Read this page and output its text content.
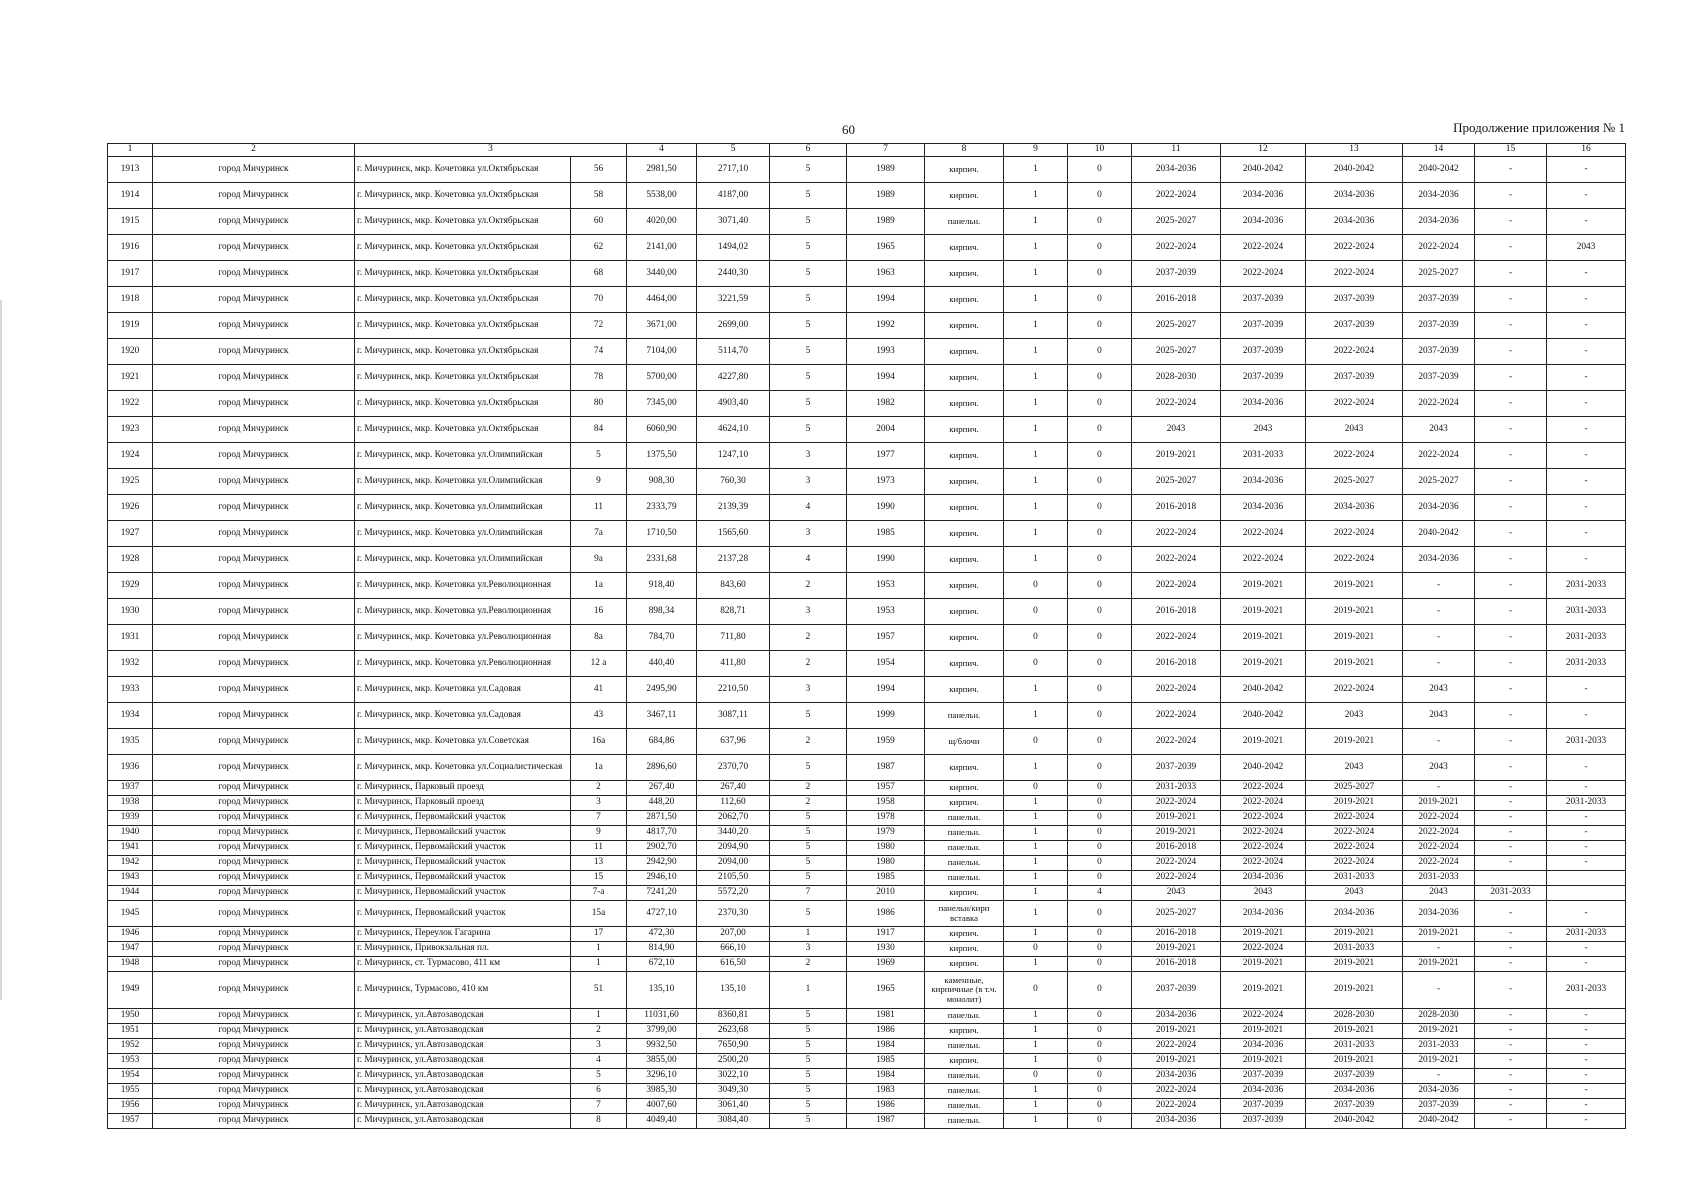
60	Продолжение приложения № 1
1	2	3		4	5	6	7	8	9	10	11	12	13	14	15	16
1913	город Мичуринск	г. Мичуринск, мкр. Кочетовка ул.Октябрьская	56	2981,50	2717,10	5	1989	кирпич.	1	0	2034-2036	2040-2042	2040-2042	2040-2042	-	-
1914	город Мичуринск	г. Мичуринск, мкр. Кочетовка ул.Октябрьская	58	5538,00	4187,00	5	1989	кирпич.	1	0	2022-2024	2034-2036	2034-2036	2034-2036	-	-
1915	город Мичуринск	г. Мичуринск, мкр. Кочетовка ул.Октябрьская	60	4020,00	3071,40	5	1989	панельн.	1	0	2025-2027	2034-2036	2034-2036	2034-2036	-	-
1916	город Мичуринск	г. Мичуринск, мкр. Кочетовка ул.Октябрьская	62	2141,00	1494,02	5	1965	кирпич.	1	0	2022-2024	2022-2024	2022-2024	2022-2024	-	2043
1917	город Мичуринск	г. Мичуринск, мкр. Кочетовка ул.Октябрьская	68	3440,00	2440,30	5	1963	кирпич.	1	0	2037-2039	2022-2024	2022-2024	2025-2027	-	-
1918	город Мичуринск	г. Мичуринск, мкр. Кочетовка ул.Октябрьская	70	4464,00	3221,59	5	1994	кирпич.	1	0	2016-2018	2037-2039	2037-2039	2037-2039	-	-
1919	город Мичуринск	г. Мичуринск, мкр. Кочетовка ул.Октябрьская	72	3671,00	2699,00	5	1992	кирпич.	1	0	2025-2027	2037-2039	2037-2039	2037-2039	-	-
1920	город Мичуринск	г. Мичуринск, мкр. Кочетовка ул.Октябрьская	74	7104,00	5114,70	5	1993	кирпич.	1	0	2025-2027	2037-2039	2022-2024	2037-2039	-	-
1921	город Мичуринск	г. Мичуринск, мкр. Кочетовка ул.Октябрьская	78	5700,00	4227,80	5	1994	кирпич.	1	0	2028-2030	2037-2039	2037-2039	2037-2039	-	-
1922	город Мичуринск	г. Мичуринск, мкр. Кочетовка ул.Октябрьская	80	7345,00	4903,40	5	1982	кирпич.	1	0	2022-2024	2034-2036	2022-2024	2022-2024	-	-
1923	город Мичуринск	г. Мичуринск, мкр. Кочетовка ул.Октябрьская	84	6060,90	4624,10	5	2004	кирпич.	1	0	2043	2043	2043	2043	-	-
1924	город Мичуринск	г. Мичуринск, мкр. Кочетовка ул.Олимпийская	5	1375,50	1247,10	3	1977	кирпич.	1	0	2019-2021	2031-2033	2022-2024	2022-2024	-	-
1925	город Мичуринск	г. Мичуринск, мкр. Кочетовка ул.Олимпийская	9	908,30	760,30	3	1973	кирпич.	1	0	2025-2027	2034-2036	2025-2027	2025-2027	-	-
1926	город Мичуринск	г. Мичуринск, мкр. Кочетовка ул.Олимпийская	11	2333,79	2139,39	4	1990	кирпич.	1	0	2016-2018	2034-2036	2034-2036	2034-2036	-	-
1927	город Мичуринск	г. Мичуринск, мкр. Кочетовка ул.Олимпийская	7а	1710,50	1565,60	3	1985	кирпич.	1	0	2022-2024	2022-2024	2022-2024	2040-2042	-	-
1928	город Мичуринск	г. Мичуринск, мкр. Кочетовка ул.Олимпийская	9а	2331,68	2137,28	4	1990	кирпич.	1	0	2022-2024	2022-2024	2022-2024	2034-2036	-	-
1929	город Мичуринск	г. Мичуринск, мкр. Кочетовка ул.Революционная	1а	918,40	843,60	2	1953	кирпич.	0	0	2022-2024	2019-2021	2019-2021	-	-	2031-2033
1930	город Мичуринск	г. Мичуринск, мкр. Кочетовка ул.Революционная	16	898,34	828,71	3	1953	кирпич.	0	0	2016-2018	2019-2021	2019-2021	-	-	2031-2033
1931	город Мичуринск	г. Мичуринск, мкр. Кочетовка ул.Революционная	8а	784,70	711,80	2	1957	кирпич.	0	0	2022-2024	2019-2021	2019-2021	-	-	2031-2033
1932	город Мичуринск	г. Мичуринск, мкр. Кочетовка ул.Революционная	12 а	440,40	411,80	2	1954	кирпич.	0	0	2016-2018	2019-2021	2019-2021	-	-	2031-2033
1933	город Мичуринск	г. Мичуринск, мкр. Кочетовка ул.Садовая	41	2495,90	2210,50	3	1994	кирпич.	1	0	2022-2024	2040-2042	2022-2024	2043	-	-
1934	город Мичуринск	г. Мичуринск, мкр. Кочетовка ул.Садовая	43	3467,11	3087,11	5	1999	панельн.	1	0	2022-2024	2040-2042	2043	2043	-	-
1935	город Мичуринск	г. Мичуринск, мкр. Кочетовка ул.Советская	16а	684,86	637,96	2	1959	щ/блочн	0	0	2022-2024	2019-2021	2019-2021	-	-	2031-2033
1936	город Мичуринск	г. Мичуринск, мкр. Кочетовка ул.Социалистическая	1а	2896,60	2370,70	5	1987	кирпич.	1	0	2037-2039	2040-2042	2043	2043	-	-
1937	город Мичуринск	г. Мичуринск, Парковый проезд	2	267,40	267,40	2	1957	кирпич.	0	0	2031-2033	2022-2024	2025-2027	-	-	-
1938	город Мичуринск	г. Мичуринск, Парковый проезд	3	448,20	112,60	2	1958	кирпич.	1	0	2022-2024	2022-2024	2019-2021	2019-2021	-	2031-2033
1939	город Мичуринск	г. Мичуринск, Первомайский участок	7	2871,50	2062,70	5	1978	панельн.	1	0	2019-2021	2022-2024	2022-2024	2022-2024	-	-
1940	город Мичуринск	г. Мичуринск, Первомайский участок	9	4817,70	3440,20	5	1979	панельн.	1	0	2019-2021	2022-2024	2022-2024	2022-2024	-	-
1941	город Мичуринск	г. Мичуринск, Первомайский участок	11	2902,70	2094,90	5	1980	панельн.	1	0	2016-2018	2022-2024	2022-2024	2022-2024	-	-
1942	город Мичуринск	г. Мичуринск, Первомайский участок	13	2942,90	2094,00	5	1980	панельн.	1	0	2022-2024	2022-2024	2022-2024	2022-2024	-	-
1943	город Мичуринск	г. Мичуринск, Первомайский участок	15	2946,10	2105,50	5	1985	панельн.	1	0	2022-2024	2034-2036	2031-2033	2031-2033		
1944	город Мичуринск	г. Мичуринск, Первомайский участок	7-а	7241,20	5572,20	7	2010	кирпич.	1	4	2043	2043	2043	2043	2031-2033	
1945	город Мичуринск	г. Мичуринск, Первомайский участок	15а	4727,10	2370,30	5	1986	панельн/кирп вставка	1	0	2025-2027	2034-2036	2034-2036	2034-2036	-	-
1946	город Мичуринск	г. Мичуринск, Переулок Гагарина	17	472,30	207,00	1	1917	кирпич.	1	0	2016-2018	2019-2021	2019-2021	2019-2021	-	2031-2033
1947	город Мичуринск	г. Мичуринск, Привокзальная пл.	1	814,90	666,10	3	1930	кирпич.	0	0	2019-2021	2022-2024	2031-2033	-	-	-
1948	город Мичуринск	г. Мичуринск, ст. Турмасово, 411 км	1	672,10	616,50	2	1969	кирпич.	1	0	2016-2018	2019-2021	2019-2021	2019-2021	-	-
1949	город Мичуринск	г. Мичуринск, Турмасово, 410 км	51	135,10	135,10	1	1965	каменные, кирпичные (в т.ч. монолит)	0	0	2037-2039	2019-2021	2019-2021	-	-	2031-2033
1950	город Мичуринск	г. Мичуринск, ул.Автозаводская	1	11031,60	8360,81	5	1981	панельн.	1	0	2034-2036	2022-2024	2028-2030	2028-2030	-	-
1951	город Мичуринск	г. Мичуринск, ул.Автозаводская	2	3799,00	2623,68	5	1986	кирпич.	1	0	2019-2021	2019-2021	2019-2021	2019-2021	-	-
1952	город Мичуринск	г. Мичуринск, ул.Автозаводская	3	9932,50	7650,90	5	1984	панельн.	1	0	2022-2024	2034-2036	2031-2033	2031-2033	-	-
1953	город Мичуринск	г. Мичуринск, ул.Автозаводская	4	3855,00	2500,20	5	1985	кирпич.	1	0	2019-2021	2019-2021	2019-2021	2019-2021	-	-
1954	город Мичуринск	г. Мичуринск, ул.Автозаводская	5	3296,10	3022,10	5	1984	панельн.	0	0	2034-2036	2037-2039	2037-2039	-	-	-
1955	город Мичуринск	г. Мичуринск, ул.Автозаводская	6	3985,30	3049,30	5	1983	панельн.	1	0	2022-2024	2034-2036	2034-2036	2034-2036	-	-
1956	город Мичуринск	г. Мичуринск, ул.Автозаводская	7	4007,60	3061,40	5	1986	панельн.	1	0	2022-2024	2037-2039	2037-2039	2037-2039	-	-
1957	город Мичуринск	г. Мичуринск, ул.Автозаводская	8	4049,40	3084,40	5	1987	панельн.	1	0	2034-2036	2037-2039	2040-2042	2040-2042	-	-
